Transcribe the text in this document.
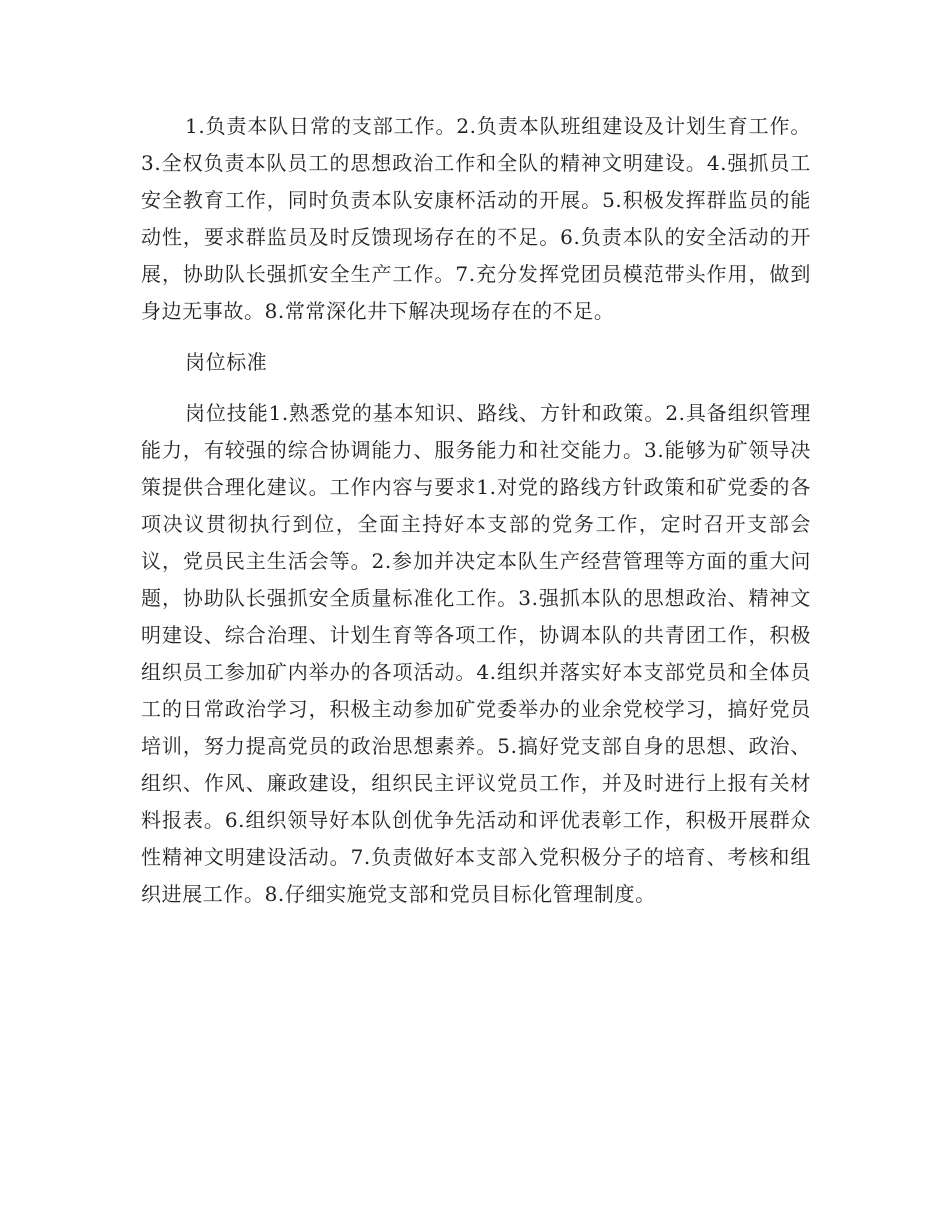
1.负责本队日常的支部工作。2.负责本队班组建设及计划生育工作。3.全权负责本队员工的思想政治工作和全队的精神文明建设。4.强抓员工安全教育工作，同时负责本队安康杯活动的开展。5.积极发挥群监员的能动性，要求群监员及时反馈现场存在的不足。6.负责本队的安全活动的开展，协助队长强抓安全生产工作。7.充分发挥党团员模范带头作用，做到身边无事故。8.常常深化井下解决现场存在的不足。

岗位标准

岗位技能1.熟悉党的基本知识、路线、方针和政策。2.具备组织管理能力，有较强的综合协调能力、服务能力和社交能力。3.能够为矿领导决策提供合理化建议。工作内容与要求1.对党的路线方针政策和矿党委的各项决议贯彻执行到位，全面主持好本支部的党务工作，定时召开支部会议，党员民主生活会等。2.参加并决定本队生产经营管理等方面的重大问题，协助队长强抓安全质量标准化工作。3.强抓本队的思想政治、精神文明建设、综合治理、计划生育等各项工作，协调本队的共青团工作，积极组织员工参加矿内举办的各项活动。4.组织并落实好本支部党员和全体员工的日常政治学习，积极主动参加矿党委举办的业余党校学习，搞好党员培训，努力提高党员的政治思想素养。5.搞好党支部自身的思想、政治、组织、作风、廉政建设，组织民主评议党员工作，并及时进行上报有关材料报表。6.组织领导好本队创优争先活动和评优表彰工作，积极开展群众性精神文明建设活动。7.负责做好本支部入党积极分子的培育、考核和组织进展工作。8.仔细实施党支部和党员目标化管理制度。
